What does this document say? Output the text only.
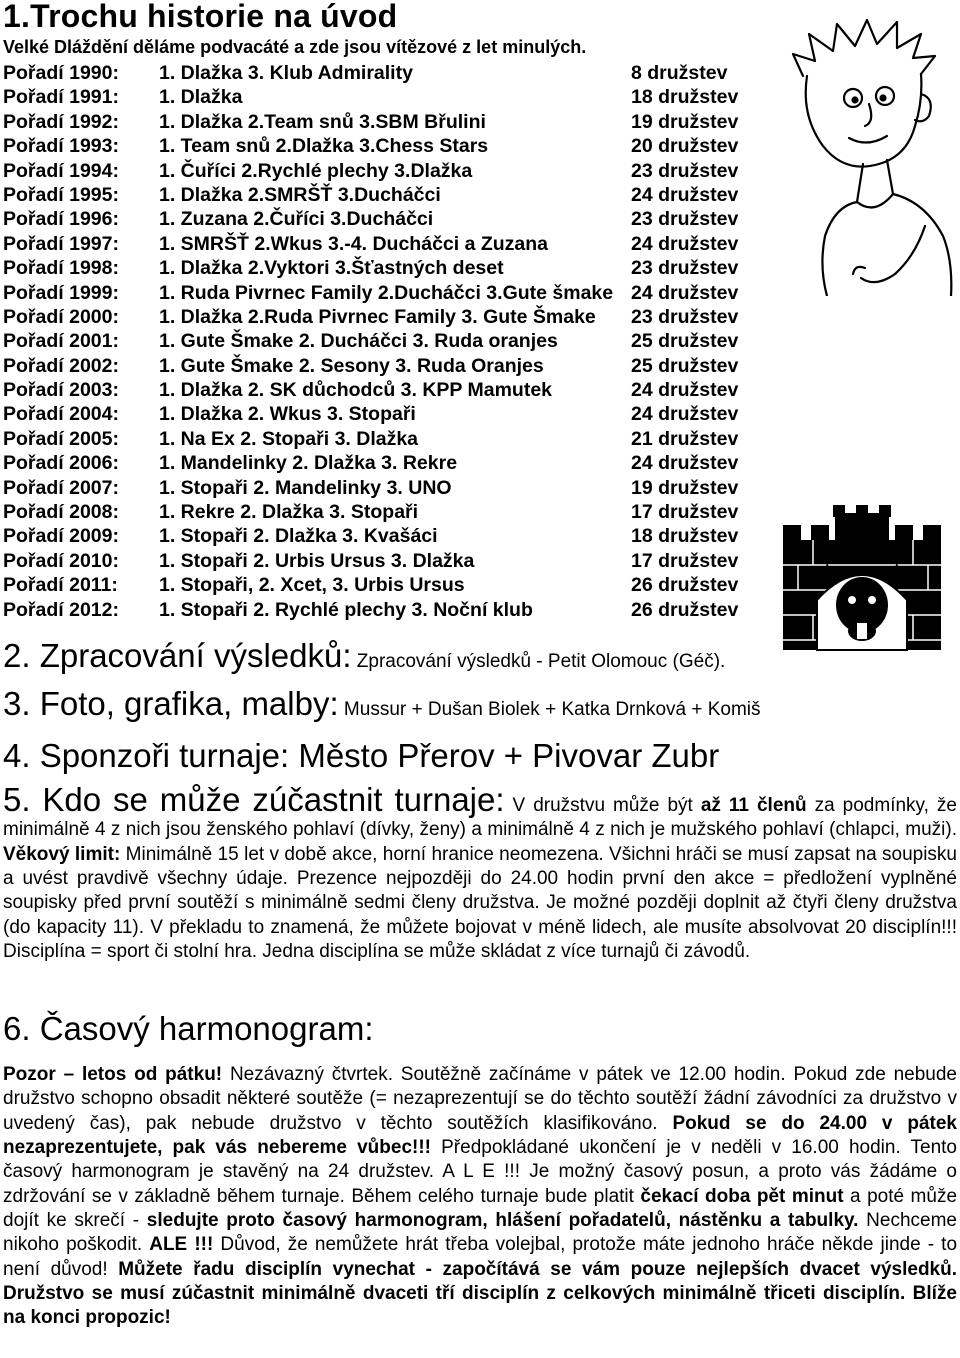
1.Trochu historie na úvod
Velké Dláždění děláme podvacáté a zde jsou vítězové z let minulých.
Pořadí 1990: 1. Dlažka 3. Klub Admirality	8 družstev
Pořadí 1991: 1. Dlažka	18 družstev
Pořadí 1992: 1. Dlažka 2.Team snů 3.SBM Břulini	19 družstev
Pořadí 1993: 1. Team snů 2.Dlažka 3.Chess Stars	20 družstev
Pořadí 1994: 1. Čuříci 2.Rychlé plechy 3.Dlažka	23 družstev
Pořadí 1995: 1. Dlažka 2.SMRŠŤ 3.Ducháčci	24 družstev
Pořadí 1996: 1. Zuzana 2.Čuříci 3.Ducháčci	23 družstev
Pořadí 1997: 1. SMRŠŤ 2.Wkus 3.-4. Ducháčci a Zuzana	24 družstev
Pořadí 1998: 1. Dlažka 2.Vyktori 3.Šťastných deset	23 družstev
Pořadí 1999: 1. Ruda Pivrnec Family 2.Ducháčci 3.Gute šmake 24 družstev
Pořadí 2000: 1. Dlažka 2.Ruda Pivrnec Family 3. Gute Šmake 23 družstev
Pořadí 2001: 1. Gute Šmake 2. Ducháčci 3. Ruda oranjes	25 družstev
Pořadí 2002: 1. Gute Šmake 2. Sesony 3. Ruda Oranjes	25 družstev
Pořadí 2003: 1. Dlažka 2. SK důchodců 3. KPP Mamutek	24 družstev
Pořadí 2004: 1. Dlažka 2. Wkus 3. Stopaři	24 družstev
Pořadí 2005: 1. Na Ex 2. Stopaři 3. Dlažka	21 družstev
Pořadí 2006: 1. Mandelinky 2. Dlažka 3. Rekre	24 družstev
Pořadí 2007: 1. Stopaři 2. Mandelinky 3. UNO	19 družstev
Pořadí 2008: 1. Rekre 2. Dlažka 3. Stopaři	17 družstev
Pořadí 2009: 1. Stopaři 2. Dlažka 3. Kvašáci	18 družstev
Pořadí 2010: 1. Stopaři 2. Urbis Ursus 3. Dlažka	17 družstev
Pořadí 2011: 1. Stopaři, 2. Xcet, 3. Urbis Ursus	26 družstev
Pořadí 2012: 1. Stopaři 2. Rychlé plechy 3. Noční klub	26 družstev
2. Zpracování výsledků: Zpracování výsledků - Petit Olomouc (Géč).
3. Foto, grafika, malby: Mussur + Dušan Biolek + Katka Drnková + Komiš
4. Sponzoři turnaje: Město Přerov + Pivovar Zubr
5. Kdo se může zúčastnit turnaje: V družstvu může být až 11 členů za podmínky, že minimálně 4 z nich jsou ženského pohlaví (dívky, ženy) a minimálně 4 z nich je mužského pohlaví (chlapci, muži). Věkový limit: Minimálně 15 let v době akce, horní hranice neomezena. Všichni hráči se musí zapsat na soupisku a uvést pravdivě všechny údaje. Prezence nejpozději do 24.00 hodin první den akce = předložení vyplněné soupisky před první soutěží s minimálně sedmi členy družstva. Je možné později doplnit až čtyři členy družstva (do kapacity 11). V překladu to znamená, že můžete bojovat v méně lidech, ale musíte absolvovat 20 disciplín!!! Disciplína = sport či stolní hra. Jedna disciplína se může skládat z více turnajů či závodů.
6. Časový harmonogram:
Pozor – letos od pátku! Nezávazný čtvrtek. Soutěžně začínáme v pátek ve 12.00 hodin. Pokud zde nebude družstvo schopno obsadit některé soutěže (= nezaprezentují se do těchto soutěží žádní závodníci za družstvo v uvedený čas), pak nebude družstvo v těchto soutěžích klasifikováno. Pokud se do 24.00 v pátek nezaprezentujete, pak vás nebereme vůbec!!! Předpokládané ukončení je v neděli v 16.00 hodin. Tento časový harmonogram je stavěný na 24 družstev. A L E !!! Je možný časový posun, a proto vás žádáme o zdržování se v základně během turnaje. Během celého turnaje bude platit čekací doba pět minut a poté může dojít ke skrečí - sledujte proto časový harmonogram, hlášení pořadatelů, nástěnku a tabulky. Nechceme nikoho poškodit. ALE !!! Důvod, že nemůžete hrát třeba volejbal, protože máte jednoho hráče někde jinde - to není důvod! Můžete řadu disciplín vynechat - započítává se vám pouze nejlepších dvacet výsledků. Družstvo se musí zúčastnit minimálně dvaceti tří disciplín z celkových minimálně třiceti disciplín. Blíže na konci propozic!
